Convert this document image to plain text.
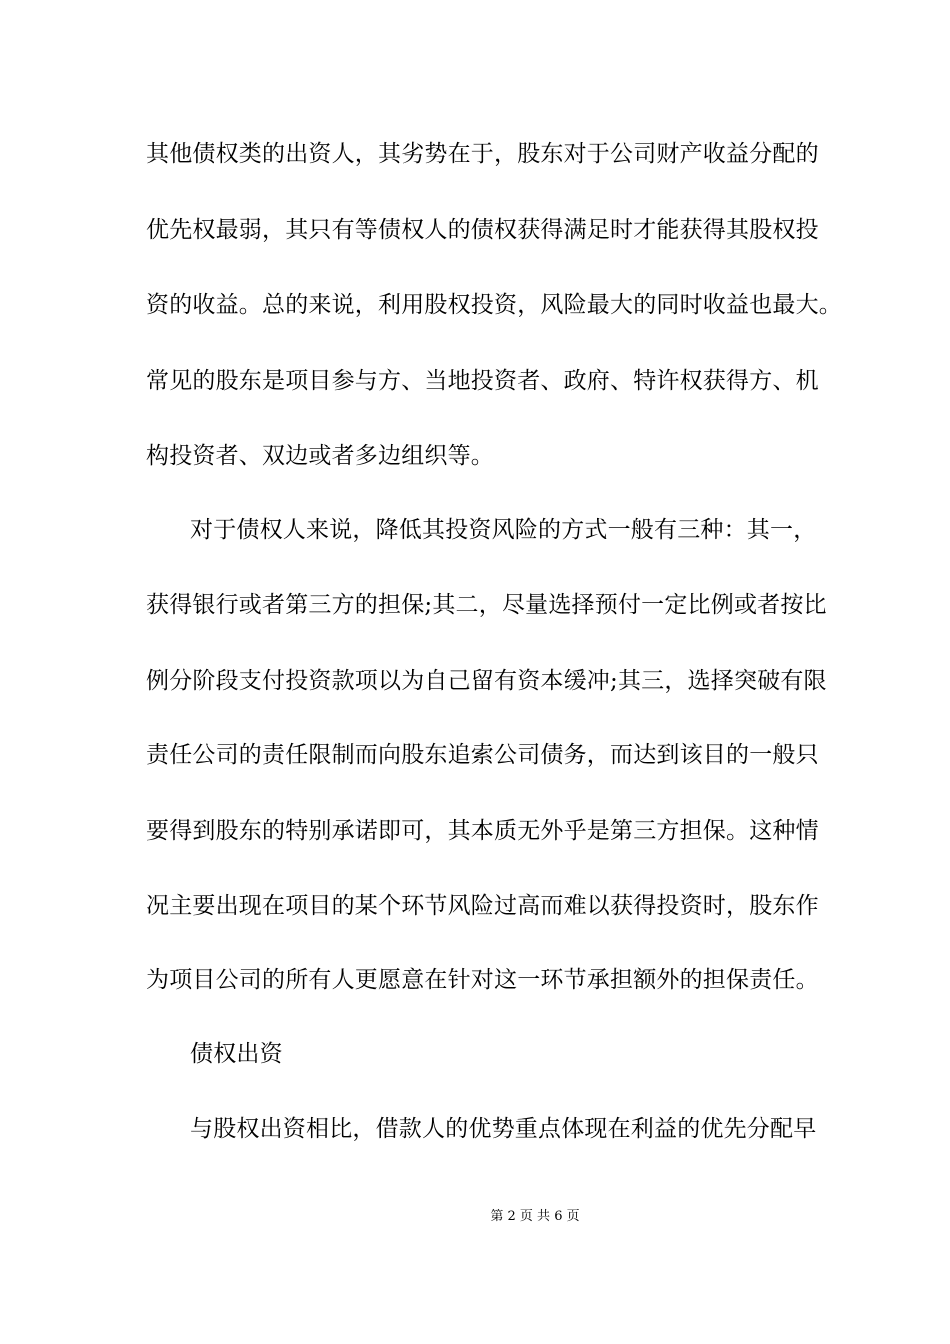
其他债权类的出资人，其劣势在于，股东对于公司财产收益分配的
优先权最弱，其只有等债权人的债权获得满足时才能获得其股权投
资的收益。总的来说，利用股权投资，风险最大的同时收益也最大。
常见的股东是项目参与方、当地投资者、政府、特许权获得方、机
构投资者、双边或者多边组织等。
对于债权人来说，降低其投资风险的方式一般有三种：其一，
获得银行或者第三方的担保;其二，尽量选择预付一定比例或者按比
例分阶段支付投资款项以为自己留有资本缓冲;其三，选择突破有限
责任公司的责任限制而向股东追索公司债务，而达到该目的一般只
要得到股东的特别承诺即可，其本质无外乎是第三方担保。这种情
况主要出现在项目的某个环节风险过高而难以获得投资时，股东作
为项目公司的所有人更愿意在针对这一环节承担额外的担保责任。
债权出资
与股权出资相比，借款人的优势重点体现在利益的优先分配早
第 2 页 共 6 页
